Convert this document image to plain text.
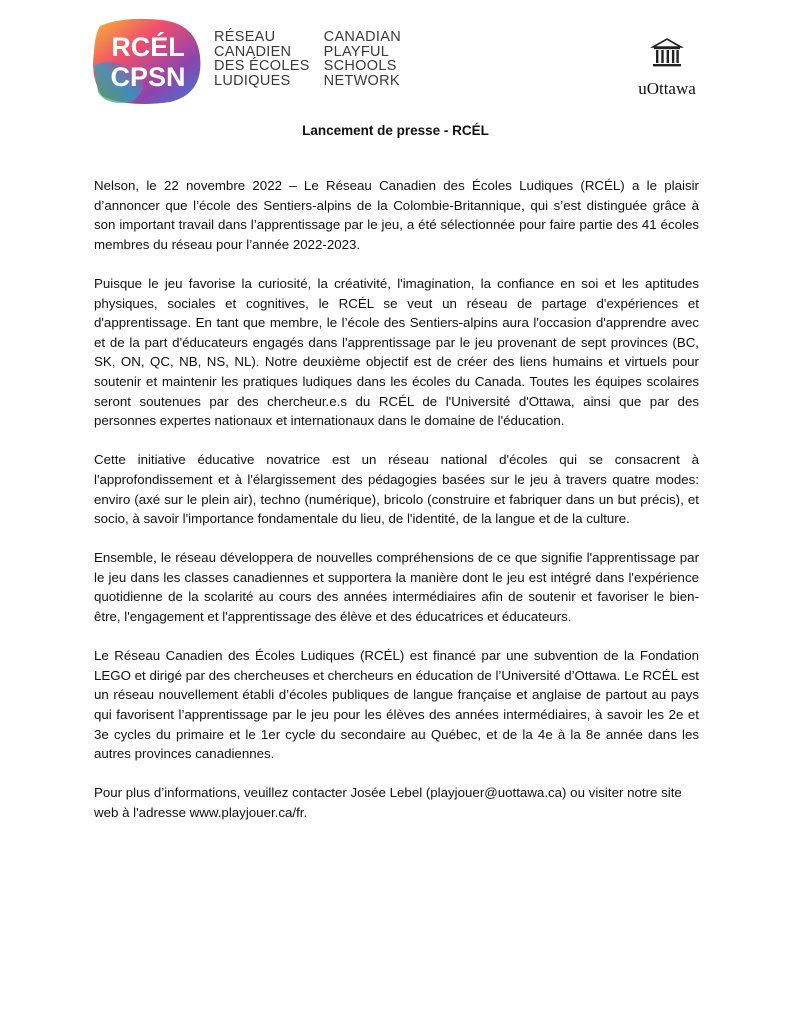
RCÉL
CPSN
RÉSEAU
CANADIEN
DES ÉCOLES
LUDIQUES
CANADIAN
PLAYFUL
SCHOOLS
NETWORK	uOttawa
Lancement de presse - RCÉL

Nelson, le 22 novembre 2022 – Le Réseau Canadien des Écoles Ludiques (RCÉL) a le plaisir d’annoncer que l’école des Sentiers-alpins de la Colombie-Britannique, qui s’est distinguée grâce à son important travail dans l’apprentissage par le jeu, a été sélectionnée pour faire partie des 41 écoles membres du réseau pour l’année 2022-2023.

Puisque le jeu favorise la curiosité, la créativité, l'imagination, la confiance en soi et les aptitudes physiques, sociales et cognitives, le RCÉL se veut un réseau de partage d'expériences et d'apprentissage. En tant que membre, le l’école des Sentiers-alpins aura l'occasion d'apprendre avec et de la part d'éducateurs engagés dans l'apprentissage par le jeu provenant de sept provinces (BC, SK, ON, QC, NB, NS, NL). Notre deuxième objectif est de créer des liens humains et virtuels pour soutenir et maintenir les pratiques ludiques dans les écoles du Canada. Toutes les équipes scolaires seront soutenues par des chercheur.e.s du RCÉL de l'Université d'Ottawa, ainsi que par des personnes expertes nationaux et internationaux dans le domaine de l'éducation.

Cette initiative éducative novatrice est un réseau national d'écoles qui se consacrent à l'approfondissement et à l'élargissement des pédagogies basées sur le jeu à travers quatre modes: enviro (axé sur le plein air), techno (numérique), bricolo (construire et fabriquer dans un but précis), et socio, à savoir l'importance fondamentale du lieu, de l'identité, de la langue et de la culture.

Ensemble, le réseau développera de nouvelles compréhensions de ce que signifie l'apprentissage par le jeu dans les classes canadiennes et supportera la manière dont le jeu est intégré dans l'expérience quotidienne de la scolarité au cours des années intermédiaires afin de soutenir et favoriser le bien-être, l'engagement et l'apprentissage des élève et des éducatrices et éducateurs.

Le Réseau Canadien des Écoles Ludiques (RCÉL) est financé par une subvention de la Fondation LEGO et dirigé par des chercheuses et chercheurs en éducation de l’Université d’Ottawa. Le RCÉL est un réseau nouvellement établi d’écoles publiques de langue française et anglaise de partout au pays qui favorisent l’apprentissage par le jeu pour les élèves des années intermédiaires, à savoir les 2e et 3e cycles du primaire et le 1er cycle du secondaire au Québec, et de la 4e à la 8e année dans les autres provinces canadiennes.

Pour plus d’informations, veuillez contacter Josée Lebel (playjouer@uottawa.ca) ou visiter notre site web à l'adresse www.playjouer.ca/fr.
